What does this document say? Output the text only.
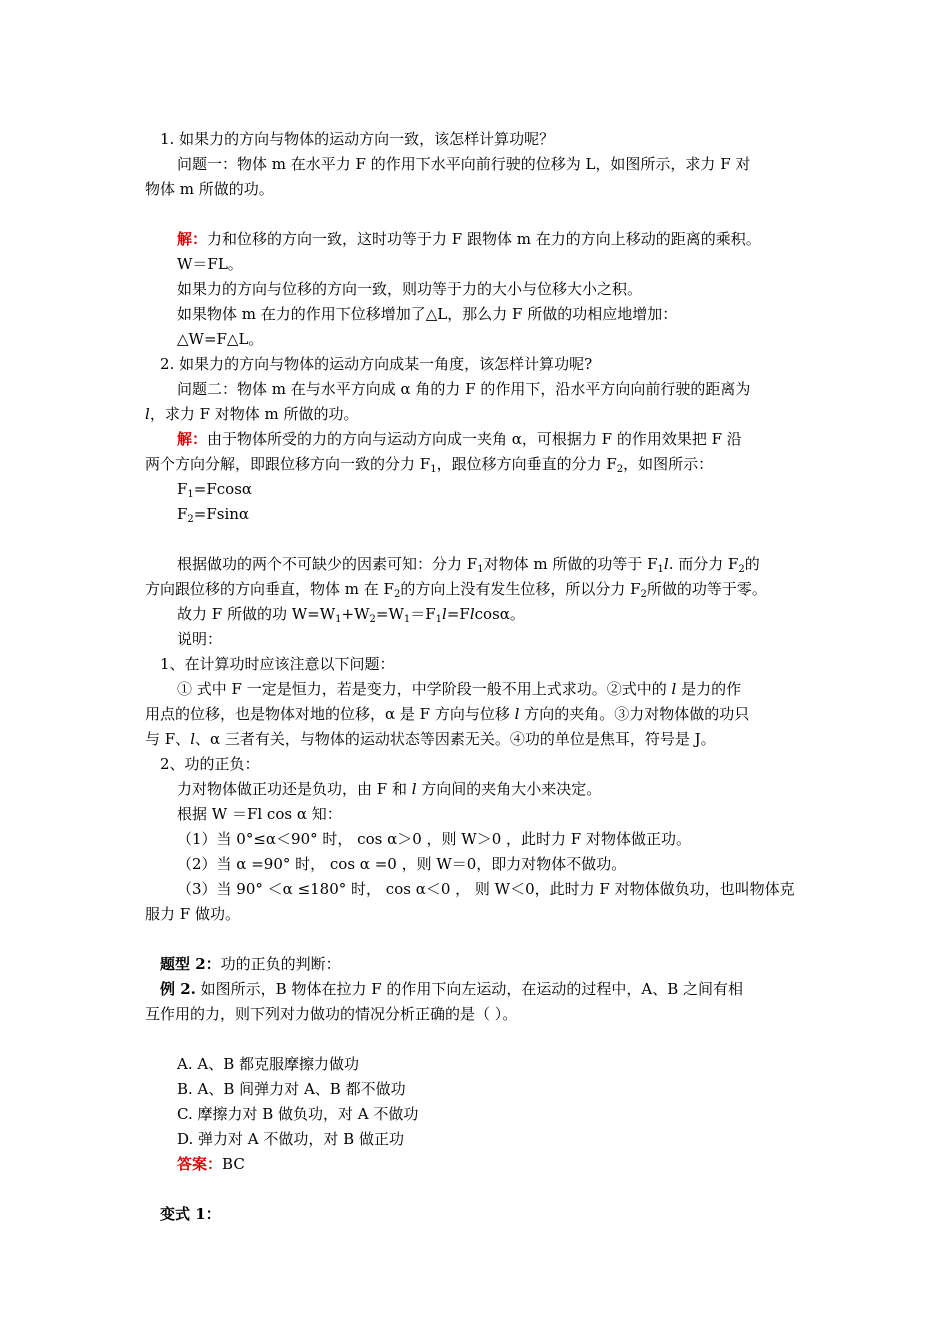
1. 如果力的方向与物体的运动方向一致，该怎样计算功呢？
问题一：物体 m 在水平力 F 的作用下水平向前行驶的位移为 L，如图所示，求力 F 对
物体 m 所做的功。
解：力和位移的方向一致，这时功等于力 F 跟物体 m 在力的方向上移动的距离的乘积。
W＝FL。
如果力的方向与位移的方向一致，则功等于力的大小与位移大小之积。
如果物体 m 在力的作用下位移增加了△L，那么力 F 所做的功相应地增加：
△W=F△L。
2. 如果力的方向与物体的运动方向成某一角度，该怎样计算功呢?
问题二：物体 m 在与水平方向成 α 角的力 F 的作用下，沿水平方向向前行驶的距离为
l，求力 F 对物体 m 所做的功。
解：由于物体所受的力的方向与运动方向成一夹角 α，可根据力 F 的作用效果把 F 沿
两个方向分解，即跟位移方向一致的分力 $F_1$，跟位移方向垂直的分力 $F_2$，如图所示：
$F_1=Fcos\alpha$
$F_2=Fsin\alpha$
根据做功的两个不可缺少的因素可知：分力 $F_1$对物体 m 所做的功等于 $F_1l$. 而分力 $F_2$的
方向跟位移的方向垂直，物体 m 在 $F_2$的方向上没有发生位移，所以分力 $F_2$所做的功等于零。
故力 F 所做的功 $W=W_1+W_2=W_1=F_1l=Flcos\alpha$。
说明：
1、在计算功时应该注意以下问题：
① 式中 F 一定是恒力，若是变力，中学阶段一般不用上式求功。②式中的 l 是力的作
用点的位移，也是物体对地的位移，α 是 F 方向与位移 l 方向的夹角。③力对物体做的功只
与 F、l、α 三者有关，与物体的运动状态等因素无关。④功的单位是焦耳，符号是 J。
2、功的正负：
力对物体做正功还是负功，由 F 和 l 方向间的夹角大小来决定。
根据 W ＝Fl cos α 知：
（1）当 0°≤α＜90° 时， cos α＞0 ，则 W＞0 ，此时力 F 对物体做正功。
（2）当 α =90° 时， cos α =0 ，则 W＝0，即力对物体不做功。
（3）当 90° ＜α ≤180° 时， cos α＜0 ， 则 W＜0，此时力 F 对物体做负功，也叫物体克
服力 F 做功。
题型 2：功的正负的判断：
例 2. 如图所示，B 物体在拉力 F 的作用下向左运动，在运动的过程中，A、B 之间有相
互作用的力，则下列对力做功的情况分析正确的是（ ）。
A. A、B 都克服摩擦力做功
B. A、B 间弹力对 A、B 都不做功
C. 摩擦力对 B 做负功，对 A 不做功
D. 弹力对 A 不做功，对 B 做正功
答案：BC
变式 1：
